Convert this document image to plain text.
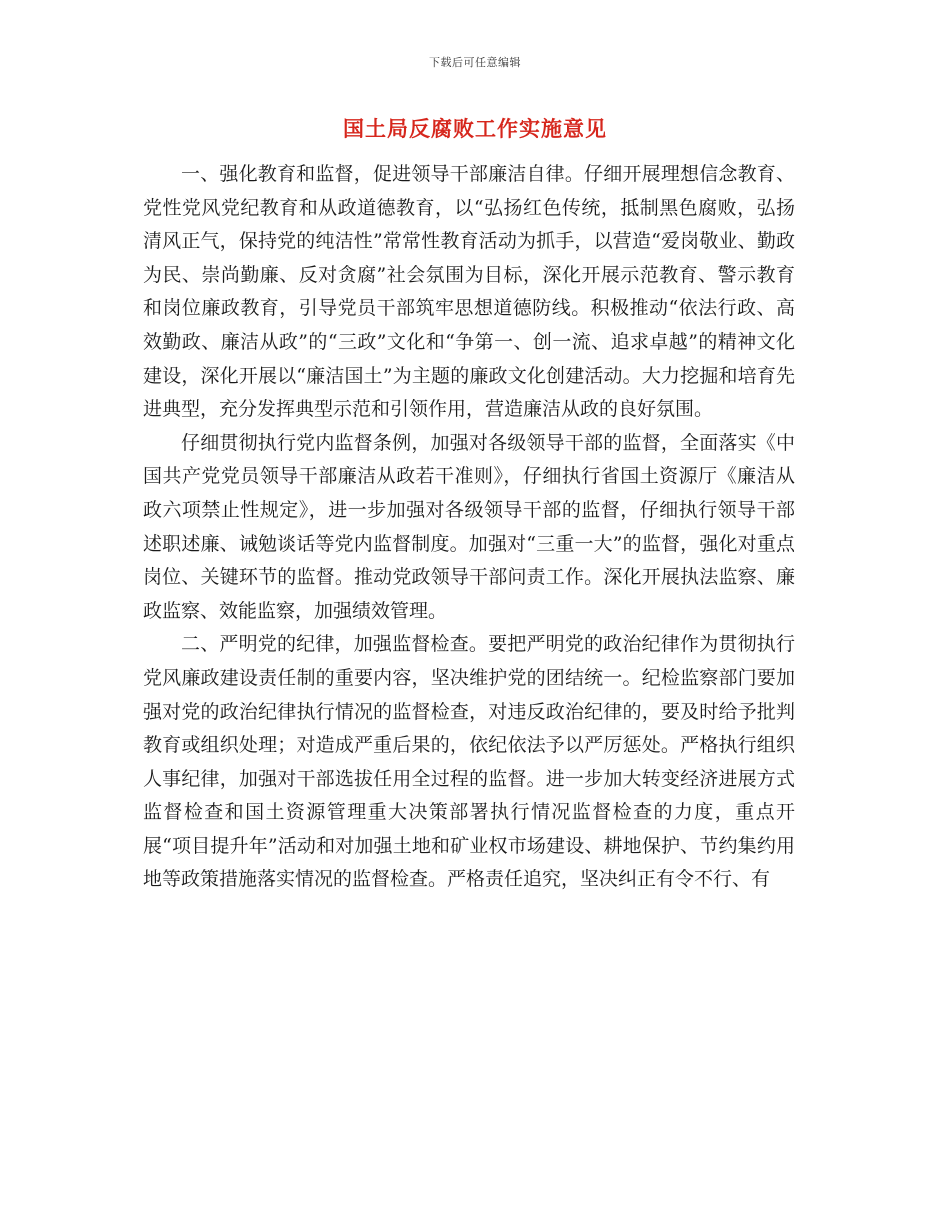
下载后可任意编辑
国土局反腐败工作实施意见

一、强化教育和监督，促进领导干部廉洁自律。仔细开展理想信念教育、党性党风党纪教育和从政道德教育，以“弘扬红色传统，抵制黑色腐败，弘扬清风正气，保持党的纯洁性”常常性教育活动为抓手，以营造“爱岗敬业、勤政为民、崇尚勤廉、反对贪腐”社会氛围为目标，深化开展示范教育、警示教育和岗位廉政教育，引导党员干部筑牢思想道德防线。积极推动“依法行政、高效勤政、廉洁从政”的“三政”文化和“争第一、创一流、追求卓越”的精神文化建设，深化开展以“廉洁国土”为主题的廉政文化创建活动。大力挖掘和培育先进典型，充分发挥典型示范和引领作用，营造廉洁从政的良好氛围。

仔细贯彻执行党内监督条例，加强对各级领导干部的监督，全面落实《中国共产党党员领导干部廉洁从政若干准则》，仔细执行省国土资源厅《廉洁从政六项禁止性规定》，进一步加强对各级领导干部的监督，仔细执行领导干部述职述廉、诫勉谈话等党内监督制度。加强对“三重一大”的监督，强化对重点岗位、关键环节的监督。推动党政领导干部问责工作。深化开展执法监察、廉政监察、效能监察，加强绩效管理。

二、严明党的纪律，加强监督检查。要把严明党的政治纪律作为贯彻执行党风廉政建设责任制的重要内容，坚决维护党的团结统一。纪检监察部门要加强对党的政治纪律执行情况的监督检查，对违反政治纪律的，要及时给予批判教育或组织处理；对造成严重后果的，依纪依法予以严厉惩处。严格执行组织人事纪律，加强对干部选拔任用全过程的监督。进一步加大转变经济进展方式监督检查和国土资源管理重大决策部署执行情况监督检查的力度，重点开展“项目提升年”活动和对加强土地和矿业权市场建设、耕地保护、节约集约用地等政策措施落实情况的监督检查。严格责任追究，坚决纠正有令不行、有
